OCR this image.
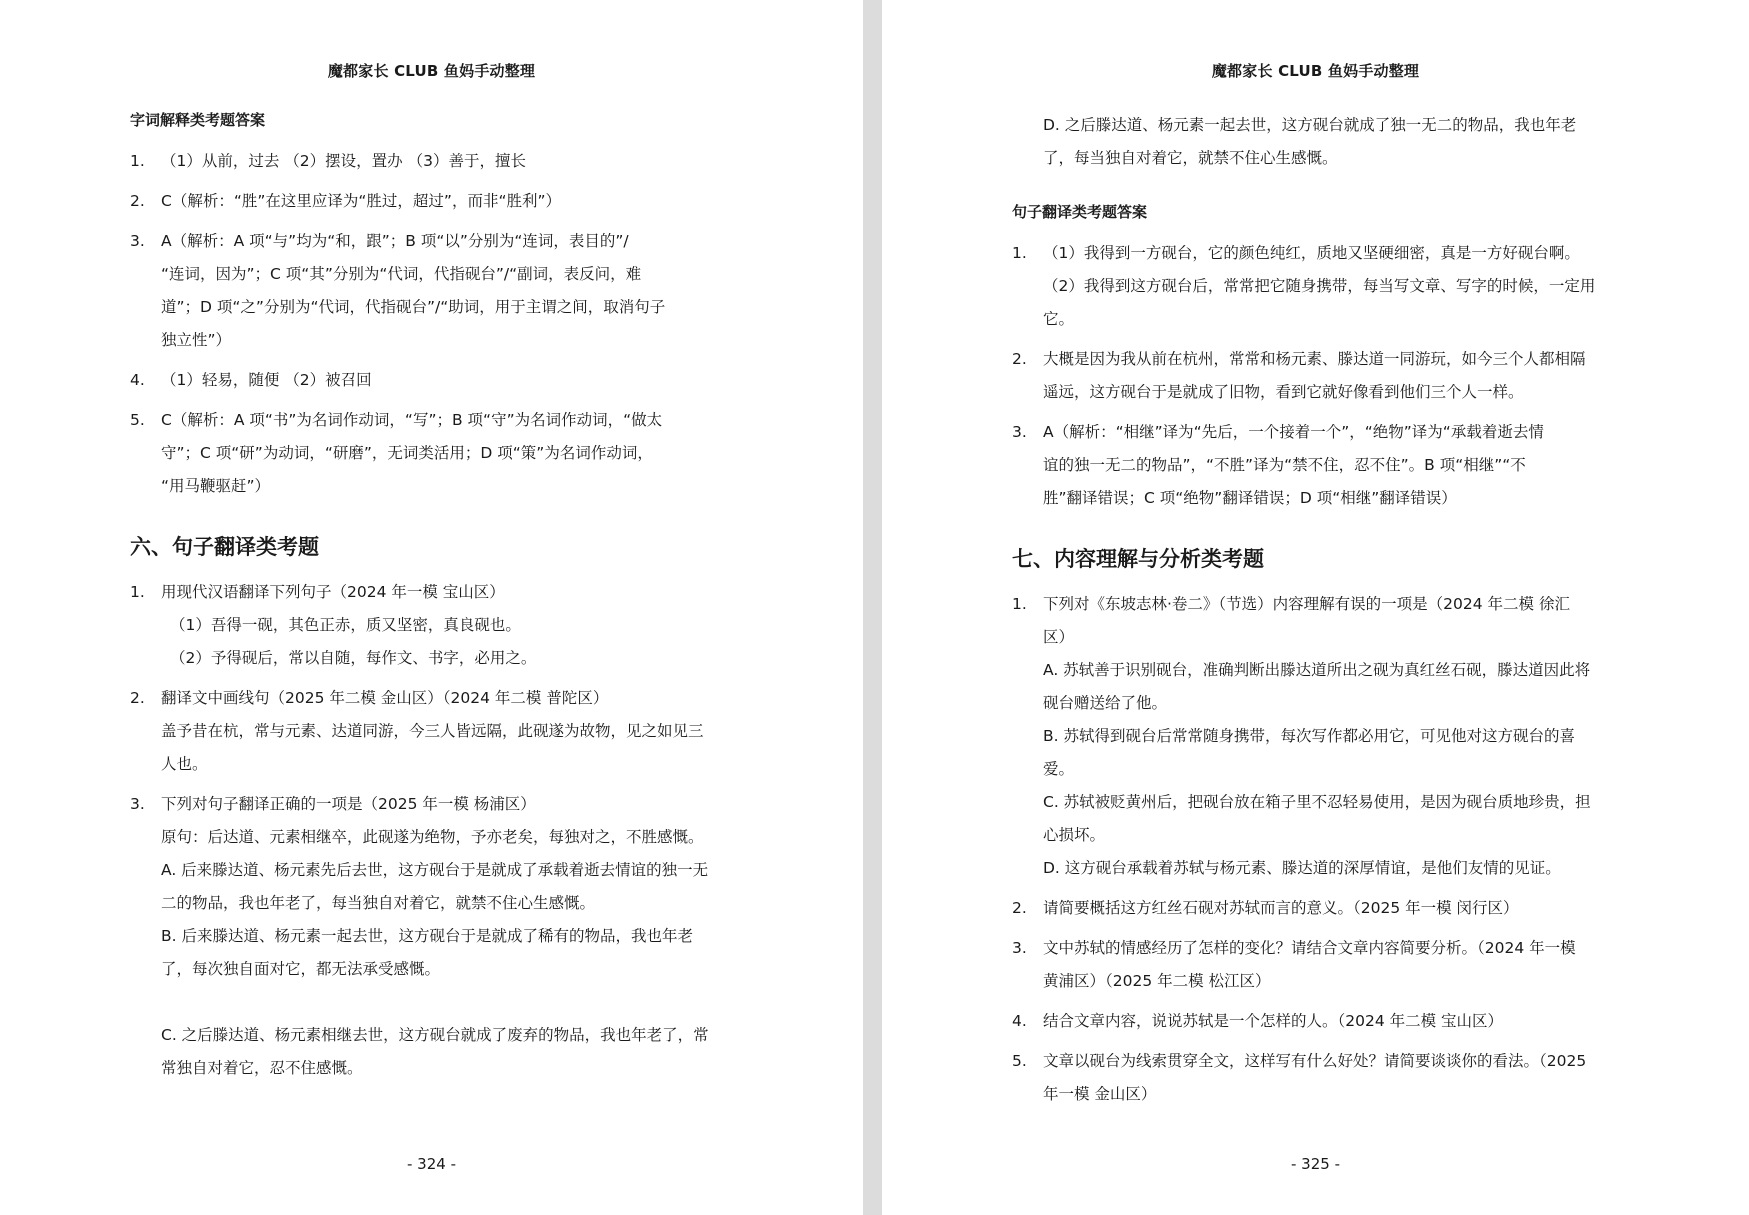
魔都家长 CLUB 鱼妈手动整理
字词解释类考题答案
1.	（1）从前，过去 （2）摆设，置办 （3）善于，擅长
2.	C（解析：“胜”在这里应译为“胜过，超过”，而非“胜利”）
3.	A（解析：A 项“与”均为“和，跟”；B 项“以”分别为“连词，表目的”/
“连词，因为”；C 项“其”分别为“代词，代指砚台”/“副词，表反问，难
道”；D 项“之”分别为“代词，代指砚台”/“助词，用于主谓之间，取消句子
独立性”）
4.	（1）轻易，随便 （2）被召回
5.	C（解析：A 项“书”为名词作动词，“写”；B 项“守”为名词作动词，“做太
守”；C 项“研”为动词，“研磨”，无词类活用；D 项“策”为名词作动词，
“用马鞭驱赶”）
六、句子翻译类考题
1.	用现代汉语翻译下列句子（2024 年一模 宝山区）
（1）吾得一砚，其色正赤，质又坚密，真良砚也。
（2）予得砚后，常以自随，每作文、书字，必用之。
2.	翻译文中画线句（2025 年二模 金山区）（2024 年二模 普陀区）
盖予昔在杭，常与元素、达道同游，今三人皆远隔，此砚遂为故物，见之如见三
人也。
3.	下列对句子翻译正确的一项是（2025 年一模 杨浦区）
原句：后达道、元素相继卒，此砚遂为绝物，予亦老矣，每独对之，不胜感慨。
A. 后来滕达道、杨元素先后去世，这方砚台于是就成了承载着逝去情谊的独一无
二的物品，我也年老了，每当独自对着它，就禁不住心生感慨。
B. 后来滕达道、杨元素一起去世，这方砚台于是就成了稀有的物品，我也年老
了，每次独自面对它，都无法承受感慨。
C. 之后滕达道、杨元素相继去世，这方砚台就成了废弃的物品，我也年老了，常
常独自对着它，忍不住感慨。
- 324 -
魔都家长 CLUB 鱼妈手动整理
D. 之后滕达道、杨元素一起去世，这方砚台就成了独一无二的物品，我也年老
了，每当独自对着它，就禁不住心生感慨。
句子翻译类考题答案
1.	（1）我得到一方砚台，它的颜色纯红，质地又坚硬细密，真是一方好砚台啊。
（2）我得到这方砚台后，常常把它随身携带，每当写文章、写字的时候，一定用
它。
2.	大概是因为我从前在杭州，常常和杨元素、滕达道一同游玩，如今三个人都相隔
遥远，这方砚台于是就成了旧物，看到它就好像看到他们三个人一样。
3.	A（解析：“相继”译为“先后，一个接着一个”，“绝物”译为“承载着逝去情
谊的独一无二的物品”，“不胜”译为“禁不住，忍不住”。B 项“相继”“不
胜”翻译错误；C 项“绝物”翻译错误；D 项“相继”翻译错误）
七、内容理解与分析类考题
1.	下列对《东坡志林·卷二》（节选）内容理解有误的一项是（2024 年二模 徐汇
区）
A. 苏轼善于识别砚台，准确判断出滕达道所出之砚为真红丝石砚，滕达道因此将
砚台赠送给了他。
B. 苏轼得到砚台后常常随身携带，每次写作都必用它，可见他对这方砚台的喜
爱。
C. 苏轼被贬黄州后，把砚台放在箱子里不忍轻易使用，是因为砚台质地珍贵，担
心损坏。
D. 这方砚台承载着苏轼与杨元素、滕达道的深厚情谊，是他们友情的见证。
2.	请简要概括这方红丝石砚对苏轼而言的意义。（2025 年一模 闵行区）
3.	文中苏轼的情感经历了怎样的变化？请结合文章内容简要分析。（2024 年一模
黄浦区）（2025 年二模 松江区）
4.	结合文章内容，说说苏轼是一个怎样的人。（2024 年二模 宝山区）
5.	文章以砚台为线索贯穿全文，这样写有什么好处？请简要谈谈你的看法。（2025
年一模 金山区）
- 325 -
